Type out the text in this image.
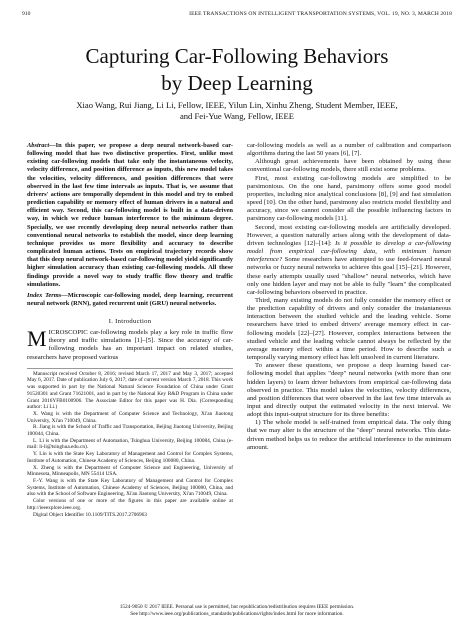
910	IEEE TRANSACTIONS ON INTELLIGENT TRANSPORTATION SYSTEMS, VOL. 19, NO. 3, MARCH 2018
Capturing Car-Following Behaviors
by Deep Learning
Xiao Wang, Rui Jiang, Li Li, Fellow, IEEE, Yilun Lin, Xinhu Zheng, Student Member, IEEE,
and Fei-Yue Wang, Fellow, IEEE

Abstract—In this paper, we propose a deep neural network-based car-following model that has two distinctive properties. First, unlike most existing car-following models that take only the instantaneous velocity, velocity difference, and position difference as inputs, this new model takes the velocities, velocity differences, and position differences that were observed in the last few time intervals as inputs. That is, we assume that drivers' actions are temporally dependent in this model and try to embed prediction capability or memory effect of human drivers in a natural and efficient way. Second, this car-following model is built in a data-driven way, in which we reduce human interference to the minimum degree. Specially, we use recently developing deep neural networks rather than conventional neural networks to establish the model, since deep learning technique provides us more flexibility and accuracy to describe complicated human actions. Tests on empirical trajectory records show that this deep neural network-based car-following model yield significantly higher simulation accuracy than existing car-following models. All these findings provide a novel way to study traffic flow theory and traffic simulations.

Index Terms—Microscopic car-following model, deep learning, recurrent neural network (RNN), gated recurrent unit (GRU) neural networks.
I. Introduction

MICROSCOPIC car-following models play a key role in traffic flow theory and traffic simulations [1]–[5]. Since the accuracy of car-following models has an important impact on related studies, researchers have proposed various

Manuscript received October 8, 2016; revised March 17, 2017 and May 3, 2017; accepted May 6, 2017. Date of publication July 6, 2017; date of current version March 7, 2018. This work was supported in part by the National Natural Science Foundation of China under Grant 91520301 and Grant 71621001, and in part by the National Key R&D Program in China under Grant 2016YFB0100906. The Associate Editor for this paper was H. Dia. (Corresponding author: Li Li.)

X. Wang is with the Department of Computer Science and Technology, Xi'an Jiaotong University, Xi'an 710049, China.

R. Jiang is with the School of Traffic and Transportation, Beijing Jiaotong University, Beijing 100044, China.

L. Li is with the Department of Automation, Tsinghua University, Beijing 100084, China (e-mail: li-li@tsinghua.edu.cn).

Y. Lin is with the State Key Laboratory of Management and Control for Complex Systems, Institute of Automation, Chinese Academy of Sciences, Beijing 100080, China.

X. Zheng is with the Department of Computer Science and Engineering, University of Minnesota, Minneapolis, MN 55414 USA.

F.-Y. Wang is with the State Key Laboratory of Management and Control for Complex Systems, Institute of Automation, Chinese Academy of Sciences, Beijing 100080, China, and also with the School of Software Engineering, Xi'an Jiaotong University, Xi'an 710049, China.

Color versions of one or more of the figures in this paper are available online at http://ieeexplore.ieee.org.

Digital Object Identifier 10.1109/TITS.2017.2706963

car-following models as well as a number of calibration and comparison algorithms during the last 50 years [6], [7].

Although great achievements have been obtained by using these conventional car-following models, there still exist some problems.

First, most existing car-following models are simplified to be parsimonious. On the one hand, parsimony offers some good model properties, including nice analytical conclusions [8], [9] and fast simulation speed [10]. On the other hand, parsimony also restricts model flexibility and accuracy, since we cannot consider all the possible influencing factors in parsimony car-following models [11].

Second, most existing car-following models are artificially developed. However, a question naturally arises along with the development of data-driven technologies [12]–[14]: Is it possible to develop a car-following model from empirical car-following data, with minimum human interference? Some researchers have attempted to use feed-forward neural networks or fuzzy neural networks to achieve this goal [15]–[21]. However, these early attempts usually used "shallow" neural networks, which have only one hidden layer and may not be able to fully "learn" the complicated car-following behaviors observed in practice.

Third, many existing models do not fully consider the memory effect or the prediction capability of drivers and only consider the instantaneous interaction between the studied vehicle and the leading vehicle. Some researchers have tried to embed drivers' average memory effect in car-following models [22]–[27]. However, complex interactions between the studied vehicle and the leading vehicle cannot always be reflected by the average memory effect within a time period. How to describe such a temporally varying memory effect has left unsolved in current literature.

To answer these questions, we propose a deep learning based car-following model that applies "deep" neural networks (with more than one hidden layers) to learn driver behaviors from empirical car-following data observed in practice. This model takes the velocities, velocity differences, and position differences that were observed in the last few time intervals as input and directly output the estimated velocity in the next interval. We adopt this input-output structure for its three benefits:

1) The whole model is self-trained from empirical data. The only thing that we may alter is the structure of the "deep" neural networks. This data-driven method helps us to reduce the artificial interference to the minimum amount.

1524-9050 © 2017 IEEE. Personal use is permitted, but republication/redistribution requires IEEE permission.
See http://www.ieee.org/publications_standards/publications/rights/index.html for more information.
